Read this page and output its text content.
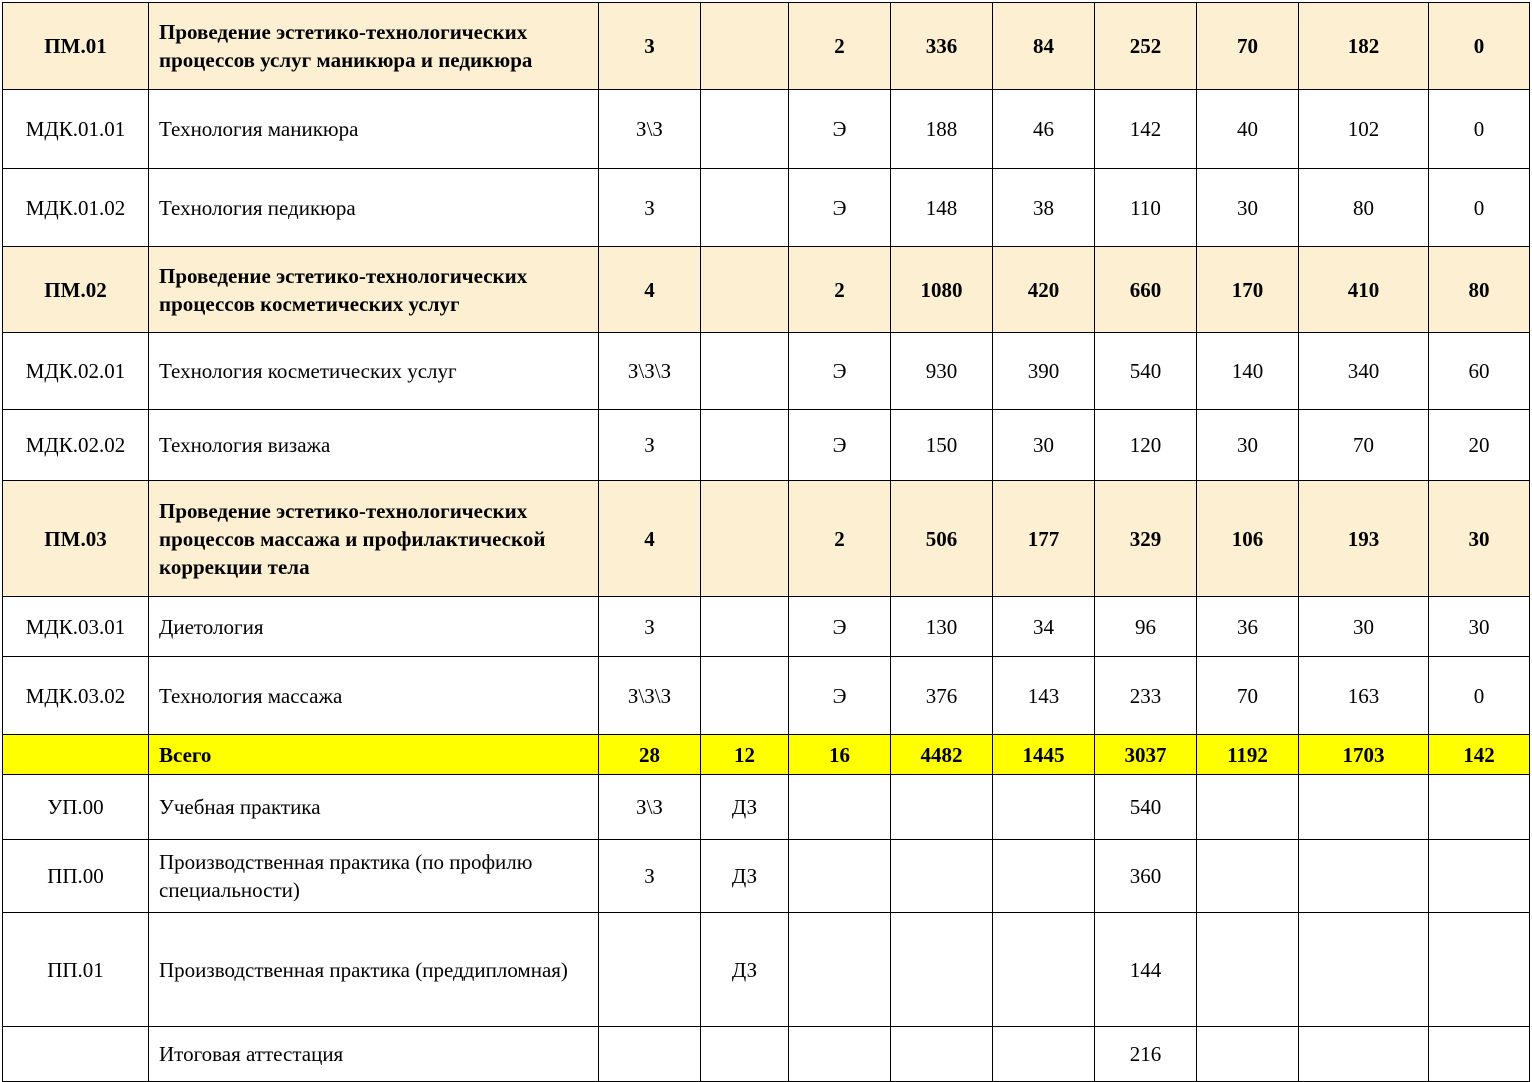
ПМ.01	Проведение эстетико-технологических процессов услуг маникюра и педикюра	3		2	336	84	252	70	182	0
МДК.01.01	Технология маникюра	З\З		Э	188	46	142	40	102	0
МДК.01.02	Технология педикюра	З		Э	148	38	110	30	80	0
ПМ.02	Проведение эстетико-технологических процессов косметических услуг	4		2	1080	420	660	170	410	80
МДК.02.01	Технология косметических услуг	З\З\З		Э	930	390	540	140	340	60
МДК.02.02	Технология визажа	З		Э	150	30	120	30	70	20
ПМ.03	Проведение эстетико-технологических процессов массажа и профилактической коррекции тела	4		2	506	177	329	106	193	30
МДК.03.01	Диетология	З		Э	130	34	96	36	30	30
МДК.03.02	Технология массажа	З\З\З		Э	376	143	233	70	163	0
	Всего	28	12	16	4482	1445	3037	1192	1703	142
УП.00	Учебная практика	З\З	ДЗ				540			
ПП.00	Производственная практика (по профилю специальности)	З	ДЗ				360			
ПП.01	Производственная практика (преддипломная)		ДЗ				144			
	Итоговая аттестация						216			
